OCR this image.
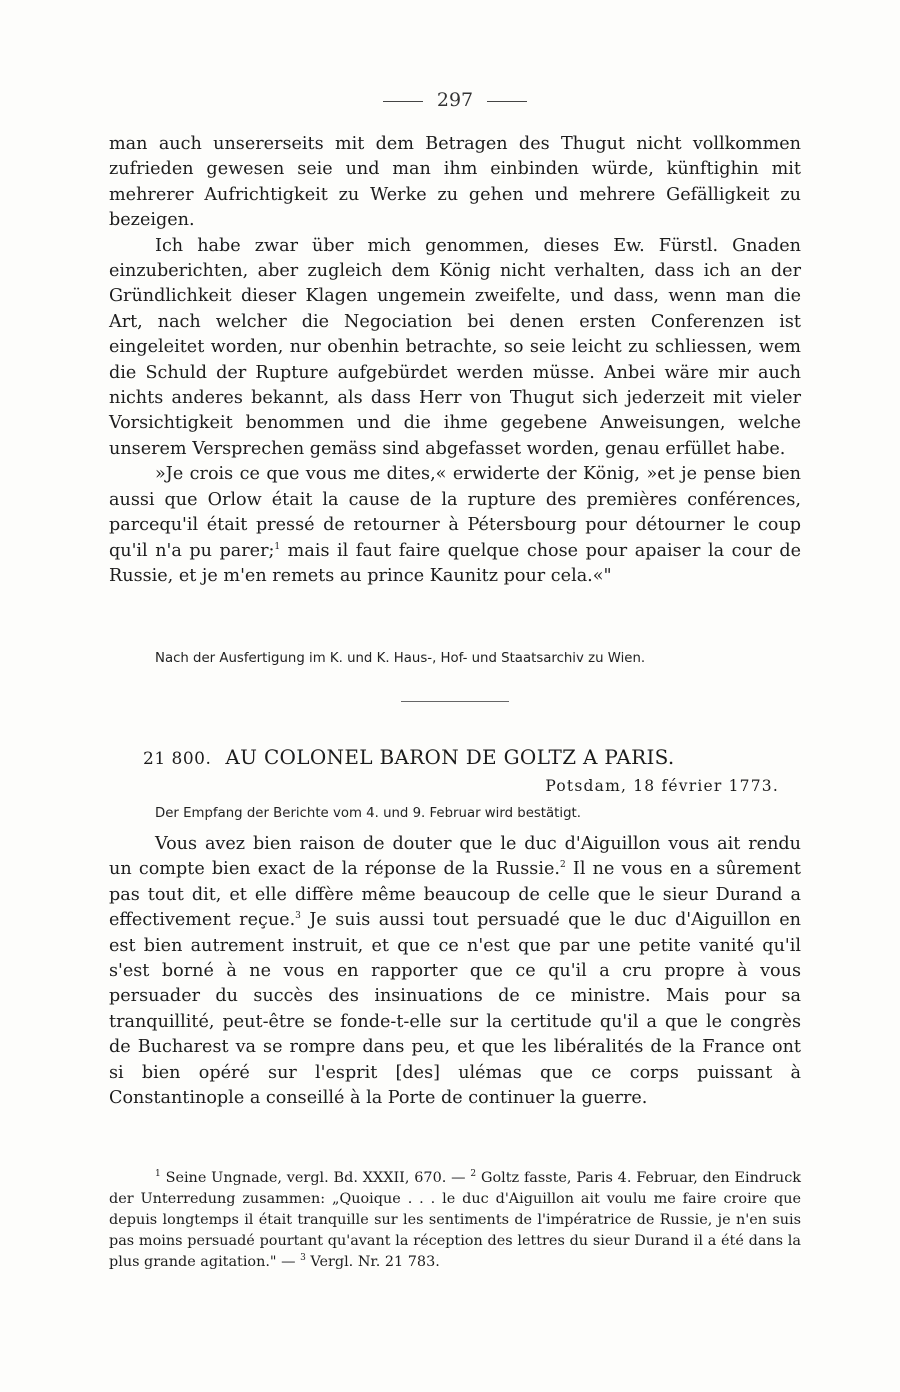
297

man auch unsererseits mit dem Betragen des Thugut nicht vollkommen zufrieden gewesen seie und man ihm einbinden würde, künftighin mit mehrerer Aufrichtigkeit zu Werke zu gehen und mehrere Gefälligkeit zu bezeigen.

Ich habe zwar über mich genommen, dieses Ew. Fürstl. Gnaden einzuberichten, aber zugleich dem König nicht verhalten, dass ich an der Gründlichkeit dieser Klagen ungemein zweifelte, und dass, wenn man die Art, nach welcher die Negociation bei denen ersten Conferenzen ist eingeleitet worden, nur obenhin betrachte, so seie leicht zu schliessen, wem die Schuld der Rupture aufgebürdet werden müsse. Anbei wäre mir auch nichts anderes bekannt, als dass Herr von Thugut sich jederzeit mit vieler Vorsichtigkeit benommen und die ihme gegebene Anweisungen, welche unserem Versprechen gemäss sind abgefasset worden, genau erfüllet habe.

»Je crois ce que vous me dites,« erwiderte der König, »et je pense bien aussi que Orlow était la cause de la rupture des premières conférences, parcequ'il était pressé de retourner à Pétersbourg pour détourner le coup qu'il n'a pu parer;$^1$ mais il faut faire quelque chose pour apaiser la cour de Russie, et je m'en remets au prince Kaunitz pour cela.«"

Nach der Ausfertigung im K. und K. Haus-, Hof- und Staatsarchiv zu Wien.
21 800. AU COLONEL BARON DE GOLTZ A PARIS.
Potsdam, 18 février 1773.
Der Empfang der Berichte vom 4. und 9. Februar wird bestätigt.

Vous avez bien raison de douter que le duc d'Aiguillon vous ait rendu un compte bien exact de la réponse de la Russie.$^2$ Il ne vous en a sûrement pas tout dit, et elle diffère même beaucoup de celle que le sieur Durand a effectivement reçue.$^3$ Je suis aussi tout persuadé que le duc d'Aiguillon en est bien autrement instruit, et que ce n'est que par une petite vanité qu'il s'est borné à ne vous en rapporter que ce qu'il a cru propre à vous persuader du succès des insinuations de ce ministre. Mais pour sa tranquillité, peut-être se fonde-t-elle sur la certitude qu'il a que le congrès de Bucharest va se rompre dans peu, et que les libéralités de la France ont si bien opéré sur l'esprit [des] ulémas que ce corps puissant à Constantinople a conseillé à la Porte de continuer la guerre.

$^1$ Seine Ungnade, vergl. Bd. XXXII, 670. — $^2$ Goltz fasste, Paris 4. Februar, den Eindruck der Unterredung zusammen: „Quoique . . . le duc d'Aiguillon ait voulu me faire croire que depuis longtemps il était tranquille sur les sentiments de l'impératrice de Russie, je n'en suis pas moins persuadé pourtant qu'avant la réception des lettres du sieur Durand il a été dans la plus grande agitation." — $^3$ Vergl. Nr. 21 783.
